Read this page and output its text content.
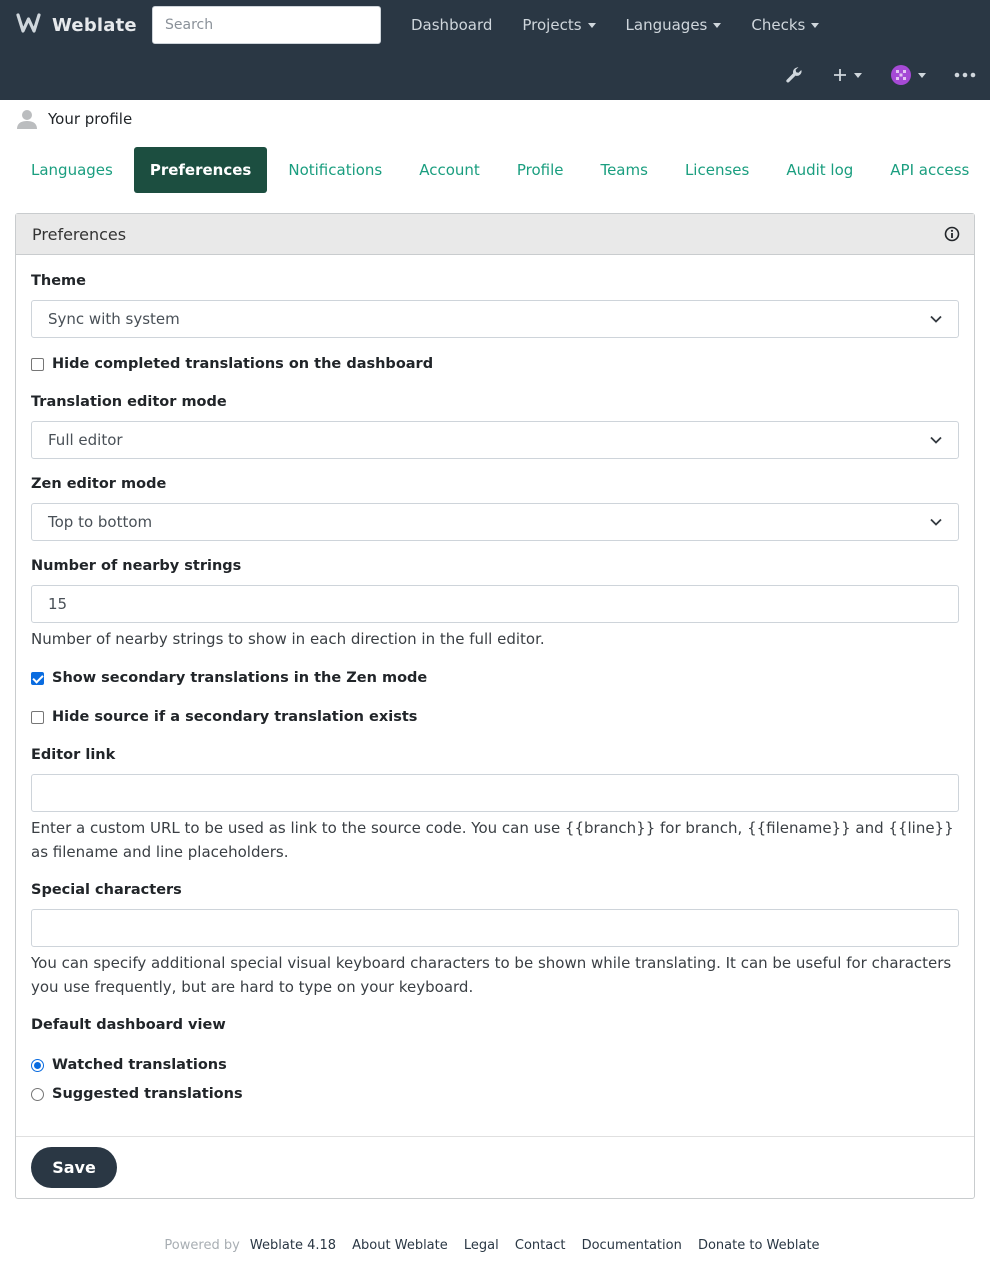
Weblate
Search	Dashboard Projects	Languages	Checks
Your profile
Languages	Preferences	Notifications	Account	Profile	Teams	Licenses	Audit log	API access
Preferences
Theme
Sync with system
Hide completed translations on the dashboard
Translation editor mode
Full editor
Zen editor mode
Top to bottom
Number of nearby strings
15
Number of nearby strings to show in each direction in the full editor.
Show secondary translations in the Zen mode
Hide source if a secondary translation exists
Editor link
Enter a custom URL to be used as link to the source code. You can use {{branch}} for branch, {{filename}} and {{line}} as filename and line placeholders.
Special characters
You can specify additional special visual keyboard characters to be shown while translating. It can be useful for characters you use frequently, but are hard to type on your keyboard.
Default dashboard view
Watched translations
Suggested translations
Save
Powered by Weblate 4.18 About Weblate Legal Contact Documentation Donate to Weblate
